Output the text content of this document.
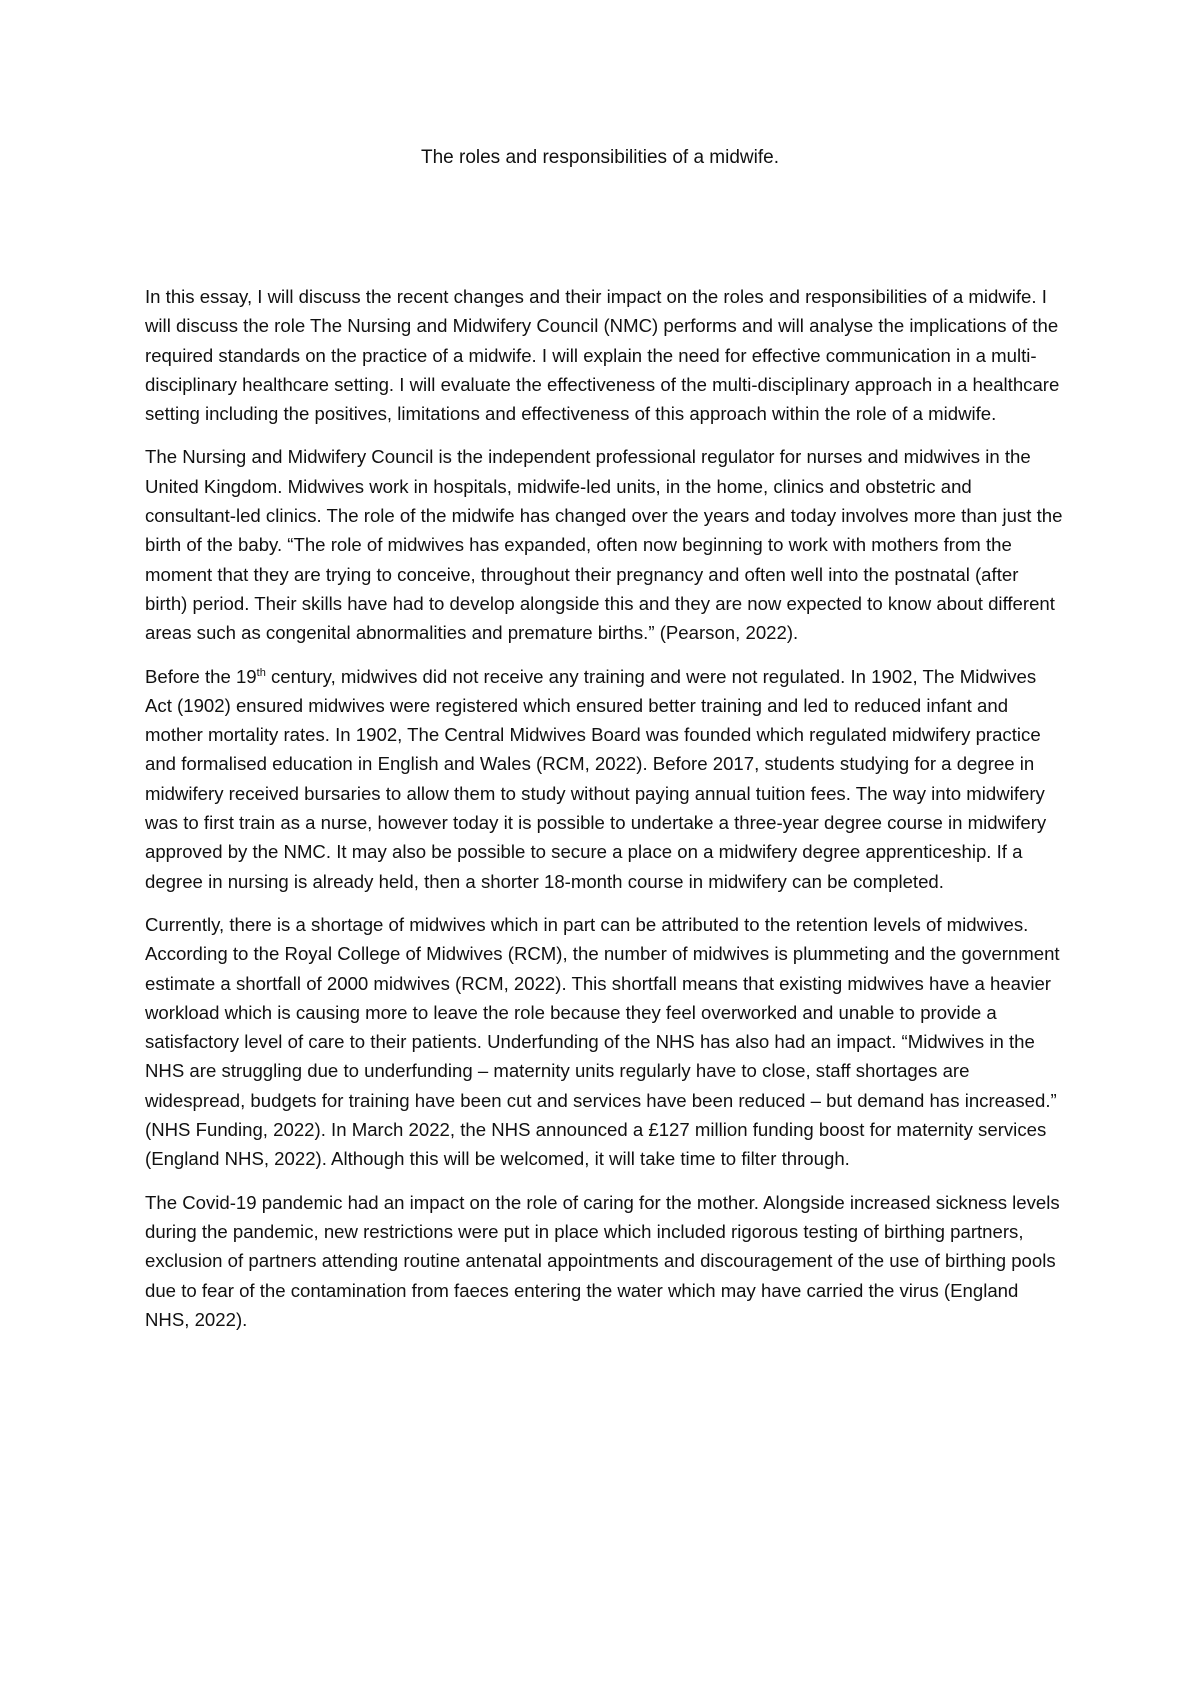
The roles and responsibilities of a midwife.

In this essay, I will discuss the recent changes and their impact on the roles and responsibilities of a midwife. I will discuss the role The Nursing and Midwifery Council (NMC) performs and will analyse the implications of the required standards on the practice of a midwife. I will explain the need for effective communication in a multi-disciplinary healthcare setting. I will evaluate the effectiveness of the multi-disciplinary approach in a healthcare setting including the positives, limitations and effectiveness of this approach within the role of a midwife.

The Nursing and Midwifery Council is the independent professional regulator for nurses and midwives in the United Kingdom. Midwives work in hospitals, midwife-led units, in the home, clinics and obstetric and consultant-led clinics. The role of the midwife has changed over the years and today involves more than just the birth of the baby. “The role of midwives has expanded, often now beginning to work with mothers from the moment that they are trying to conceive, throughout their pregnancy and often well into the postnatal (after birth) period. Their skills have had to develop alongside this and they are now expected to know about different areas such as congenital abnormalities and premature births.” (Pearson, 2022).

Before the 19th century, midwives did not receive any training and were not regulated. In 1902, The Midwives Act (1902) ensured midwives were registered which ensured better training and led to reduced infant and mother mortality rates. In 1902, The Central Midwives Board was founded which regulated midwifery practice and formalised education in English and Wales (RCM, 2022). Before 2017, students studying for a degree in midwifery received bursaries to allow them to study without paying annual tuition fees. The way into midwifery was to first train as a nurse, however today it is possible to undertake a three-year degree course in midwifery approved by the NMC. It may also be possible to secure a place on a midwifery degree apprenticeship. If a degree in nursing is already held, then a shorter 18-month course in midwifery can be completed.

Currently, there is a shortage of midwives which in part can be attributed to the retention levels of midwives. According to the Royal College of Midwives (RCM), the number of midwives is plummeting and the government estimate a shortfall of 2000 midwives (RCM, 2022). This shortfall means that existing midwives have a heavier workload which is causing more to leave the role because they feel overworked and unable to provide a satisfactory level of care to their patients. Underfunding of the NHS has also had an impact. “Midwives in the NHS are struggling due to underfunding – maternity units regularly have to close, staff shortages are widespread, budgets for training have been cut and services have been reduced – but demand has increased.” (NHS Funding, 2022). In March 2022, the NHS announced a £127 million funding boost for maternity services (England NHS, 2022). Although this will be welcomed, it will take time to filter through.

The Covid-19 pandemic had an impact on the role of caring for the mother. Alongside increased sickness levels during the pandemic, new restrictions were put in place which included rigorous testing of birthing partners, exclusion of partners attending routine antenatal appointments and discouragement of the use of birthing pools due to fear of the contamination from faeces entering the water which may have carried the virus (England NHS, 2022).
